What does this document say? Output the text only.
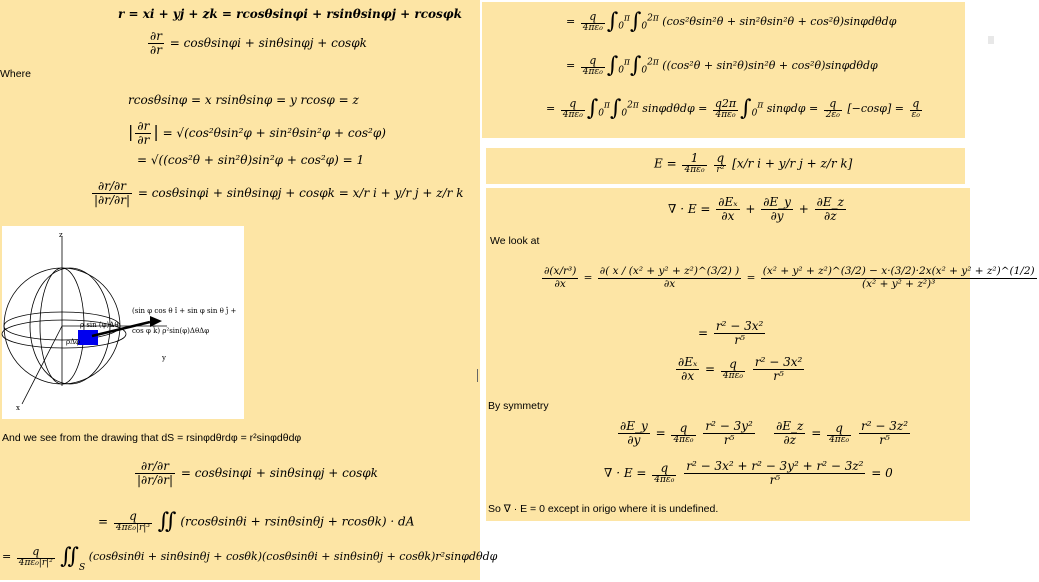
r = xi + yj + zk = rcosθsinφi + rsinθsinφj + rcosφk
$\frac{\partial r}{\partial r} = \cos\theta\sin\varphi i + \sin\theta\sin\varphi j + \cos\varphi k$
Where
rcosθsinφ = x rsinθsinφ = y rcosφ = z
| $\frac{\partial r}{\partial r}$ | = √(cos²θsin²φ + sin²θsin²φ + cos²φ)
= √((cos²θ + sin²θ)sin²φ + cos²φ) = 1
$\frac{\partial r/\partial r}{|\partial r/\partial r|} = \cos\theta\sin\varphi i + \sin\theta\sin\varphi j + \cos\varphi k = x/r$ i + y/r j + z/r k
And we see from the drawing that dS = rsinφdθrdφ = r²sinφdθdφ
$\frac{\partial r/\partial r}{|\partial r/\partial r|} = \cos\theta\sin\varphi i + \sin\theta\sin\varphi j + \cos\varphi k$
= $\frac{q}{\text{4πε₀|r|³}}$ ∬ (rcosθsinθi + rsinθsinθj + rcosθk) · dA
= $\frac{q}{\text{4πε₀|r|²}}$ $∬_S$ (cosθsinθi + sinθsinθj + cosθk)(cosθsinθi + sinθsinθj + cosθk)r²sinφdθdφ
z
y
x
ρ sin (φ)Δθ
ρΔφ
(sin φ cos θ î + sin φ sin θ ĵ +
cos φ k̂) ρ²sin(φ)ΔθΔφ
= $\frac{q}{\text{4πε₀}} \int_0^\pi\int_0^{2\pi}$ (cos²θsin²θ + sin²θsin²θ + cos²θ)sinφdθdφ
= $\frac{q}{\text{4πε₀}} \int_0^\pi\int_0^{2\pi}$ ((cos²θ + sin²θ)sin²θ + cos²θ)sinφdθdφ
= $\frac{q}{\text{4πε₀}} \int_0^\pi\int_0^{2\pi}$ $\sin\varphi d\theta d\varphi = \frac{q2\pi}{\text{4πε₀}} \int_0^\pi$ $\sin\varphi d\varphi = \frac{q}{\text{2ε₀}} [-\cos\varphi] = \frac{q}{\text{ε₀}}$
$E = \frac{1}{\text{4πε₀}}$
$\frac{q}{\text{r²}} [x/r$ i + y/r j + z/r k]
∇ · $E = \frac{\text{∂Eₓ}}{\partial x} + \frac{\partial E\_y}{\partial y} + \frac{\partial E\_z}{\partial z}$
We look at
$\frac{\text{∂(x/r³)}}{\partial x} = \frac{\text{∂( x / (x² + y² + z²)\textasciicircum{}(3/2) )}}{\partial x} = \frac{\text{(x² + y² + z²)\textasciicircum{}(3/2) − x·(3/2)·2x(x² + y² + z²)\textasciicircum{}(1/2)}}{\text{(x² + y² + z²)³}}$
= $\frac{\text{r² − 3x²}}{\text{r⁵}}$
$\frac{\text{∂Eₓ}}{\partial x} = \frac{q}{\text{4πε₀}}$
$\frac{\text{r² − 3x²}}{\text{r⁵}}$
By symmetry
$\frac{\partial E\_y}{\partial y} = \frac{q}{\text{4πε₀}}$
$\frac{\text{r² − 3y²}}{\text{r⁵}}$
$\frac{\partial E\_z}{\partial z} = \frac{q}{\text{4πε₀}}$
$\frac{\text{r² − 3z²}}{\text{r⁵}}$
∇ · $E = \frac{q}{\text{4πε₀}}$
$\frac{\text{r² − 3x² + r² − 3y² + r² − 3z²}}{\text{r⁵}} = 0$
So ∇ · E = 0 except in origo where it is undefined.
